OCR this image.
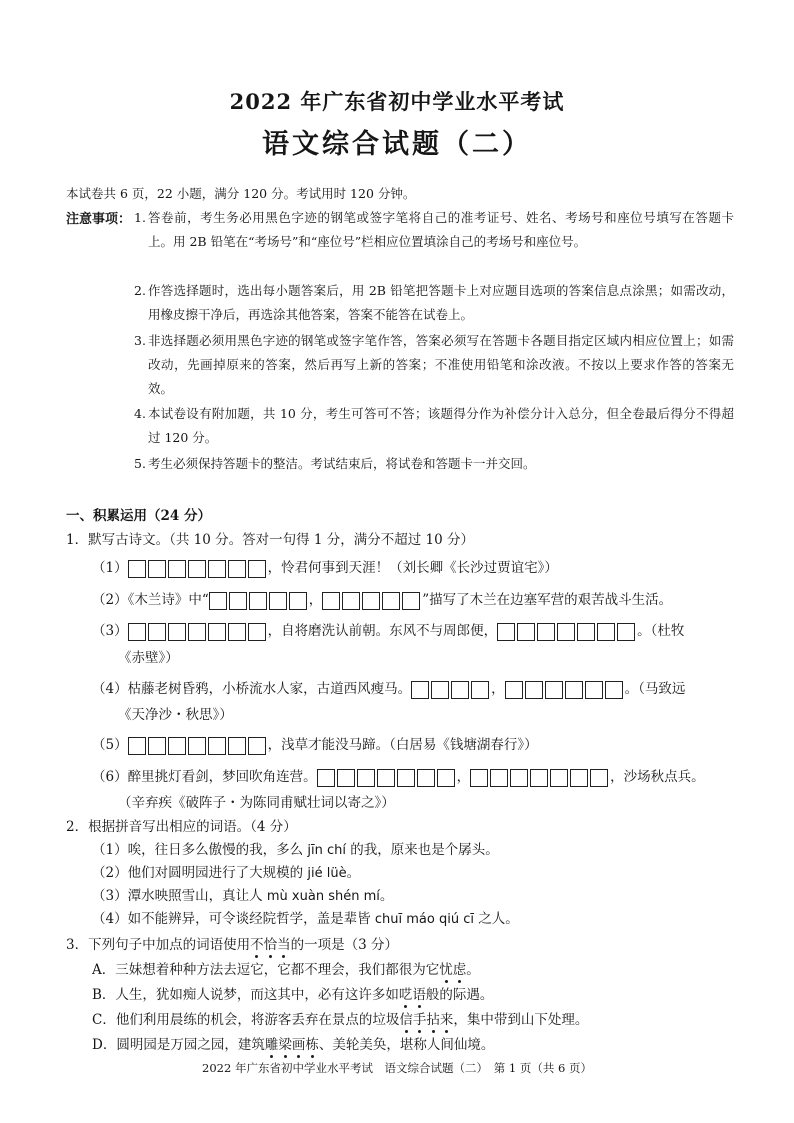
2022 年广东省初中学业水平考试
语文综合试题（二）
本试卷共 6 页，22 小题，满分 120 分。考试用时 120 分钟。
注意事项： 1. 答卷前，考生务必用黑色字迹的钢笔或签字笔将自己的准考证号、姓名、考场号和座位号填写在答题卡上。用 2B 铅笔在“考场号”和“座位号”栏相应位置填涂自己的考场号和座位号。
2. 作答选择题时，选出每小题答案后，用 2B 铅笔把答题卡上对应题目选项的答案信息点涂黑；如需改动，用橡皮擦干净后，再选涂其他答案，答案不能答在试卷上。
3. 非选择题必须用黑色字迹的钢笔或签字笔作答，答案必须写在答题卡各题目指定区域内相应位置上；如需改动，先画掉原来的答案，然后再写上新的答案；不准使用铅笔和涂改液。不按以上要求作答的答案无效。
4. 本试卷设有附加题，共 10 分，考生可答可不答；该题得分作为补偿分计入总分，但全卷最后得分不得超过 120 分。
5. 考生必须保持答题卡的整洁。考试结束后，将试卷和答题卡一并交回。
一、积累运用（24 分）
1．默写古诗文。（共 10 分。答对一句得 1 分，满分不超过 10 分）
（1）	，怜君何事到天涯！（刘长卿《长沙过贾谊宅》）
（2）《木兰诗》中“	，	”描写了木兰在边塞军营的艰苦战斗生活。
（3）	，自将磨洗认前朝。东风不与周郎便，	。（杜牧
《赤壁》）
（4）枯藤老树昏鸦，小桥流水人家，古道西风瘦马。	，	。（马致远
《天净沙・秋思》）
（5）	，浅草才能没马蹄。（白居易《钱塘湖春行》）
（6）醉里挑灯看剑，梦回吹角连营。	，	，沙场秋点兵。
（辛弃疾《破阵子・为陈同甫赋壮词以寄之》）
2．根据拼音写出相应的词语。（4 分）
（1）唉，往日多么傲慢的我，多么 jīn chí 的我，原来也是个孱头。
（2）他们对圆明园进行了大规模的 jié lüè。
（3）潭水映照雪山，真让人 mù xuàn shén mí。
（4）如不能辨异，可令谈经院哲学，盖是辈皆 chuī máo qiú cī 之人。
3．下列句子中加点的词语使用不恰当的一项是（3 分）
A．三妹想着种种方法去逗它，它都不理会，我们都很为它忧虑。
B．人生，犹如痴人说梦，而这其中，必有这许多如呓语般的际遇。
C．他们利用晨练的机会，将游客丢弃在景点的垃圾信手拈来，集中带到山下处理。
D．圆明园是万园之园，建筑雕梁画栋、美轮美奂，堪称人间仙境。
2022 年广东省初中学业水平考试　语文综合试题（二）　第 1 页（共 6 页）
